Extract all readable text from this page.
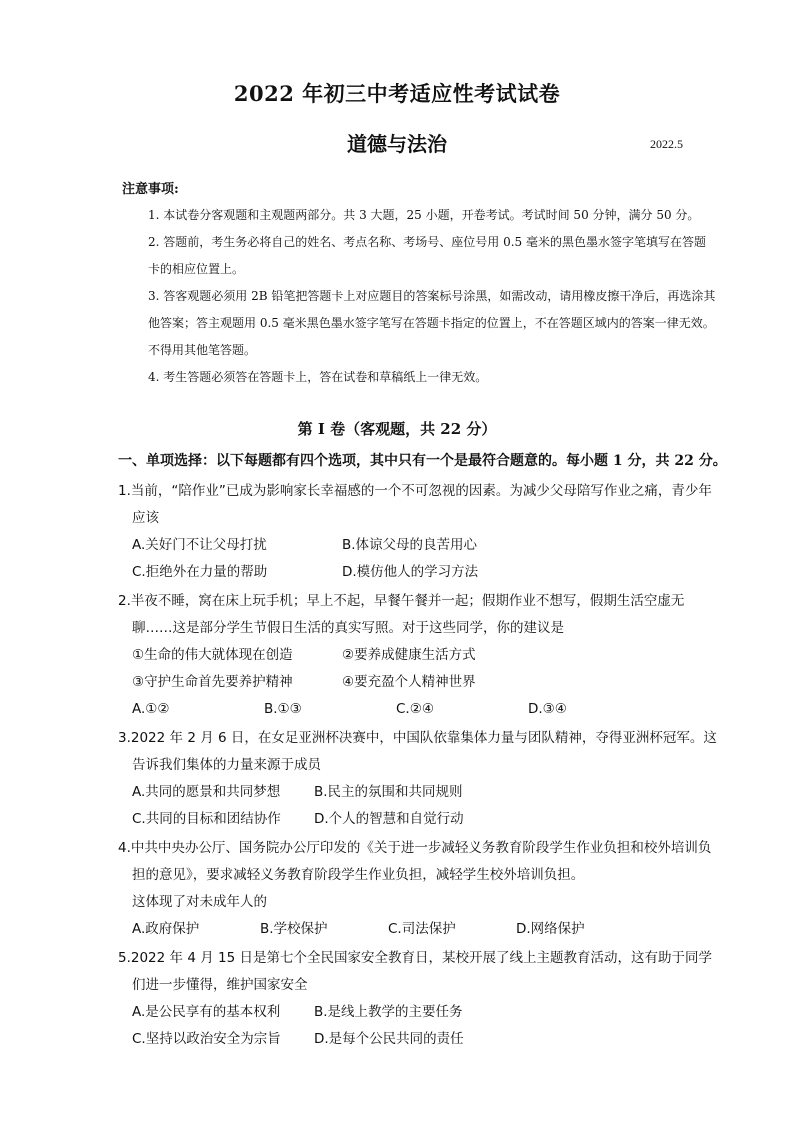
2022 年初三中考适应性考试试卷
道德与法治	2022.5
注意事项:

1. 本试卷分客观题和主观题两部分。共 3 大题，25 小题，开卷考试。考试时间 50 分钟，满分 50 分。

2. 答题前，考生务必将自己的姓名、考点名称、考场号、座位号用 0.5 毫米的黑色墨水签字笔填写在答题卡的相应位置上。

3. 答客观题必须用 2B 铅笔把答题卡上对应题目的答案标号涂黑，如需改动，请用橡皮擦干净后，再选涂其他答案；答主观题用 0.5 毫米黑色墨水签字笔写在答题卡指定的位置上，不在答题区域内的答案一律无效。不得用其他笔答题。

4. 考生答题必须答在答题卡上，答在试卷和草稿纸上一律无效。

第 I 卷（客观题，共 22 分）
一、单项选择：以下每题都有四个选项，其中只有一个是最符合题意的。每小题 1 分，共 22 分。
1.当前，“陪作业”已成为影响家长幸福感的一个不可忽视的因素。为减少父母陪写作业之痛，青少年应该
A.关好门不让父母打扰	B.体谅父母的良苦用心
C.拒绝外在力量的帮助	D.模仿他人的学习方法
2.半夜不睡，窝在床上玩手机；早上不起，早餐午餐并一起；假期作业不想写，假期生活空虚无聊……这是部分学生节假日生活的真实写照。对于这些同学，你的建议是
①生命的伟大就体现在创造	②要养成健康生活方式
③守护生命首先要养护精神	④要充盈个人精神世界
A.①②	B.①③	C.②④	D.③④
3.2022 年 2 月 6 日，在女足亚洲杯决赛中，中国队依靠集体力量与团队精神，夺得亚洲杯冠军。这告诉我们集体的力量来源于成员
A.共同的愿景和共同梦想	B.民主的氛围和共同规则
C.共同的目标和团结协作	D.个人的智慧和自觉行动
4.中共中央办公厅、国务院办公厅印发的《关于进一步减轻义务教育阶段学生作业负担和校外培训负担的意见》，要求减轻义务教育阶段学生作业负担，减轻学生校外培训负担。
这体现了对未成年人的
A.政府保护	B.学校保护	C.司法保护	D.网络保护
5.2022 年 4 月 15 日是第七个全民国家安全教育日，某校开展了线上主题教育活动，这有助于同学们进一步懂得，维护国家安全
A.是公民享有的基本权利	B.是线上教学的主要任务
C.坚持以政治安全为宗旨	D.是每个公民共同的责任
